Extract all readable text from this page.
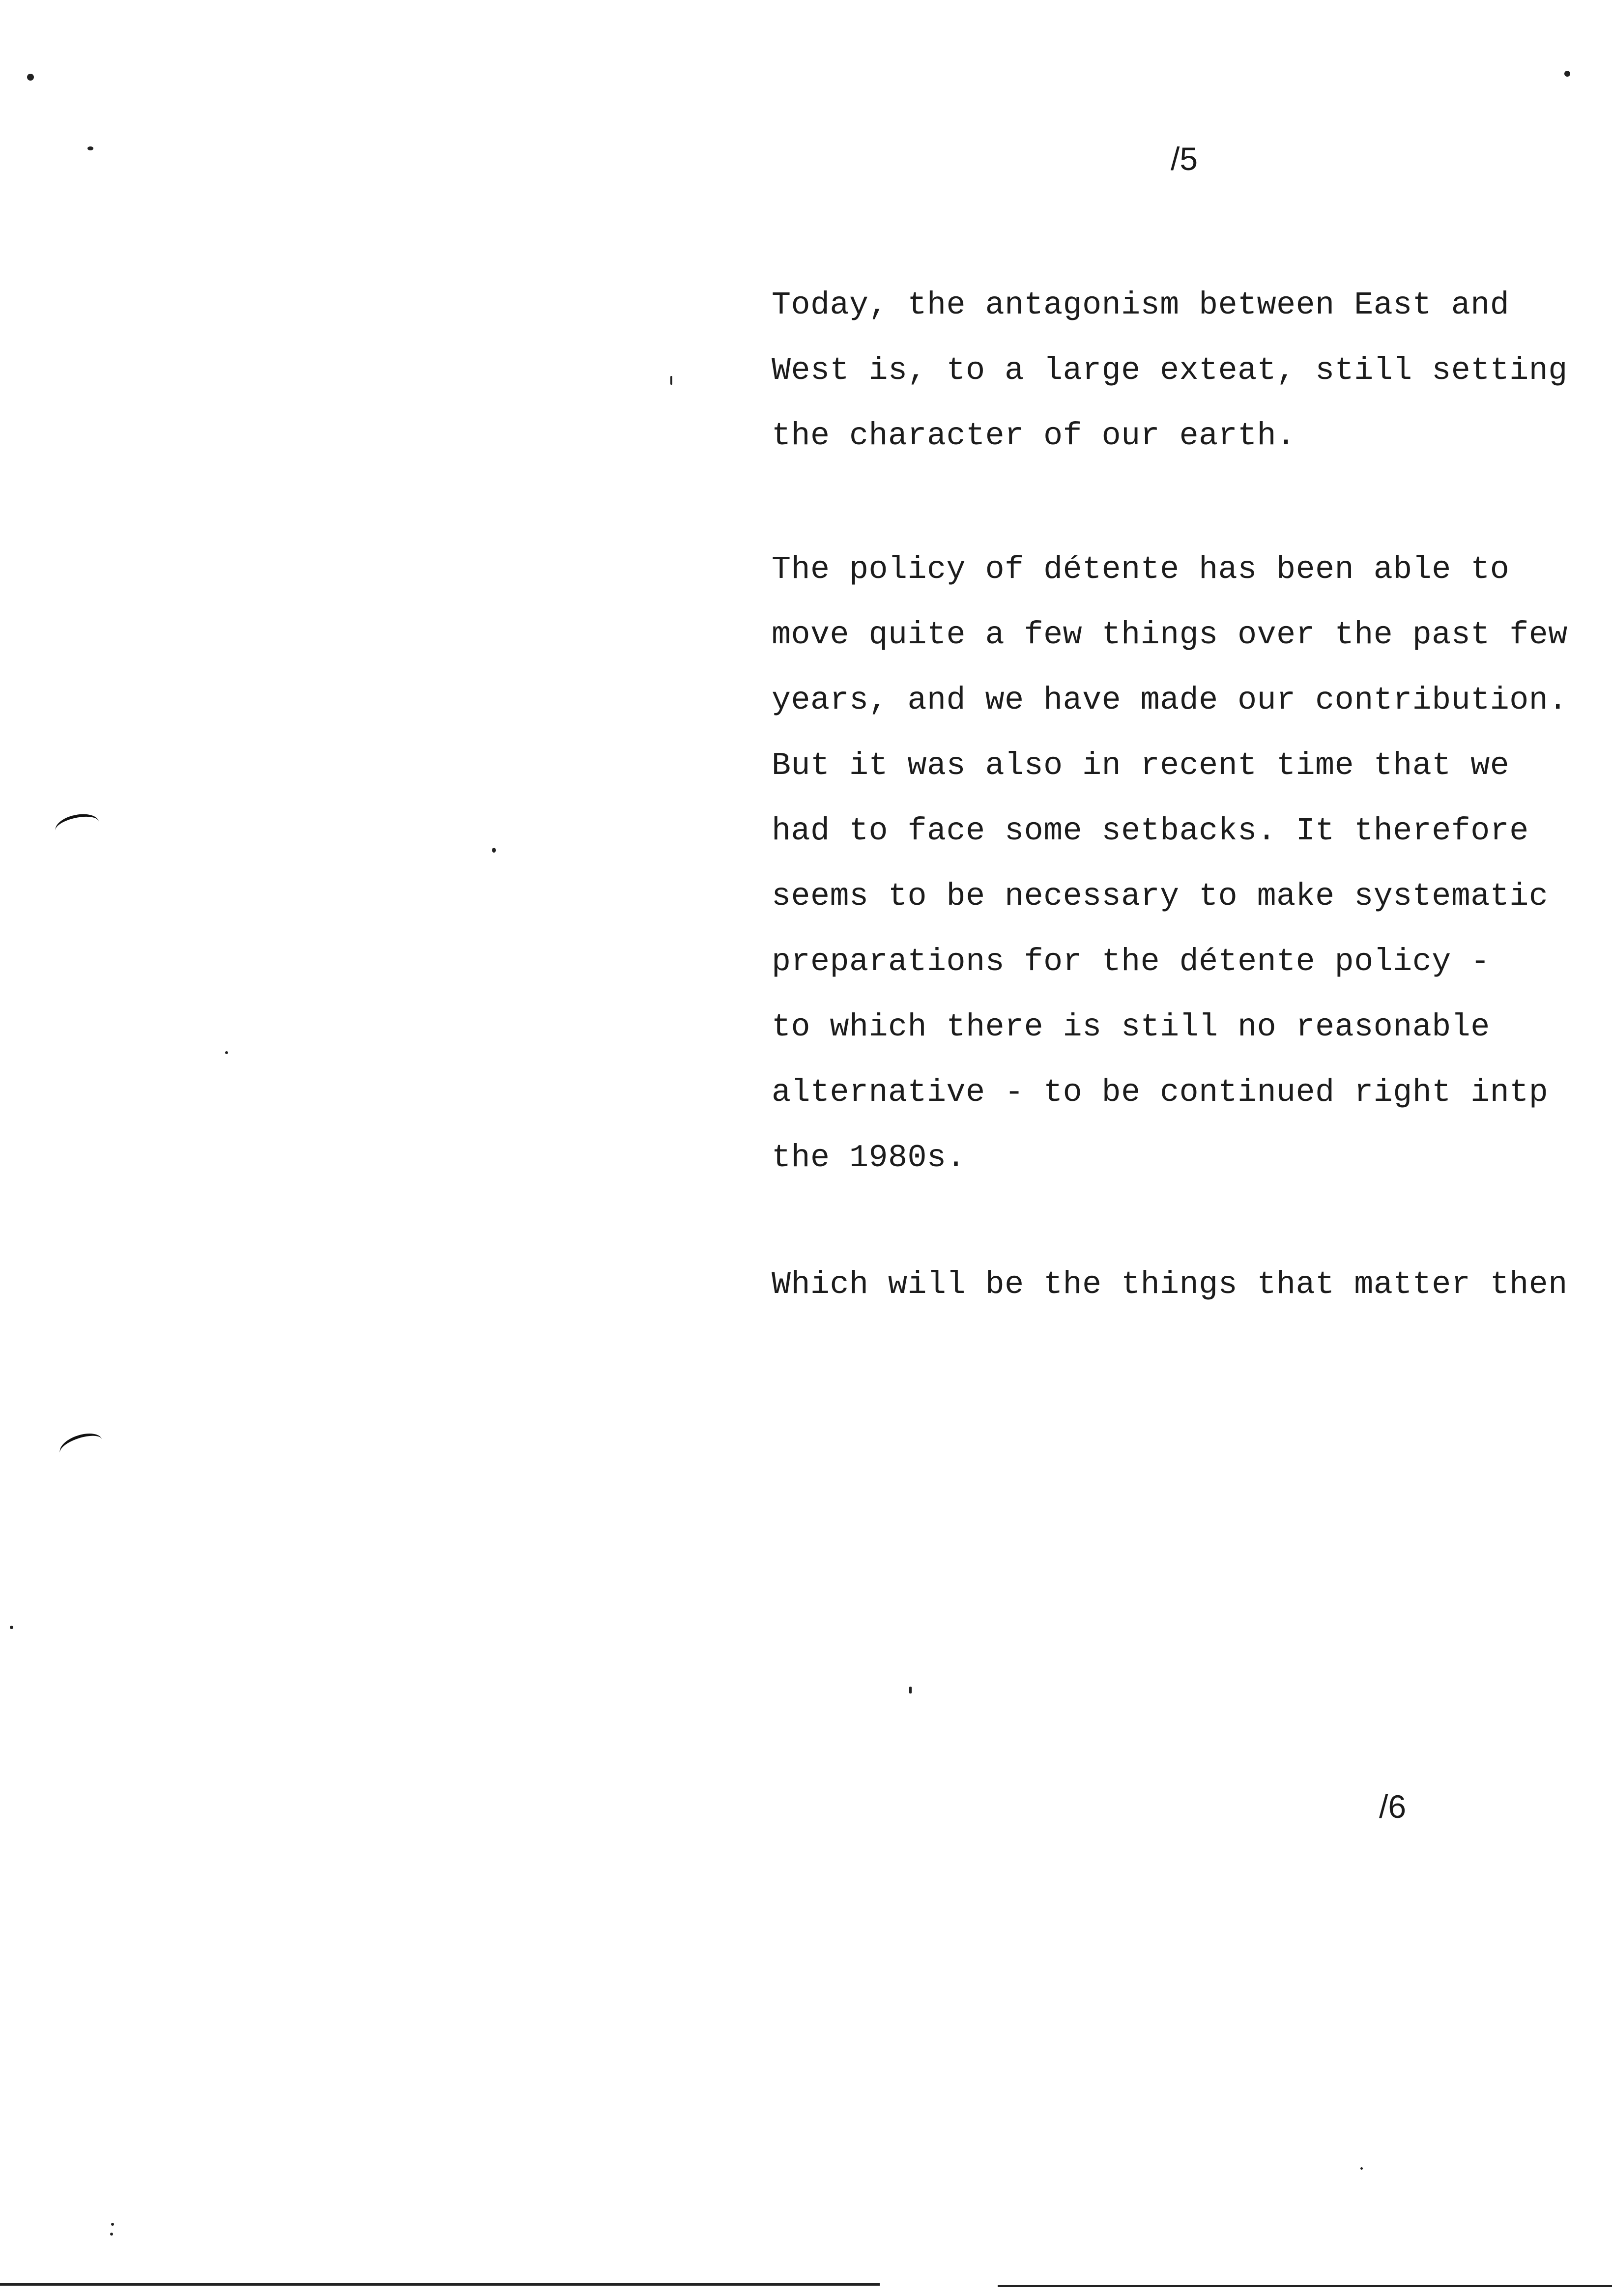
/5
Today, the antagonism between East and
West is, to a large exteat, still setting
the character of our earth.
The policy of détente has been able to
move quite a few things over the past few
years, and we have made our contribution.
But it was also in recent time that we
had to face some setbacks. It therefore
seems to be necessary to make systematic
preparations for the détente policy -
to which there is still no reasonable
alternative - to be continued right intp
the 1980s.
Which will be the things that matter then
/6
